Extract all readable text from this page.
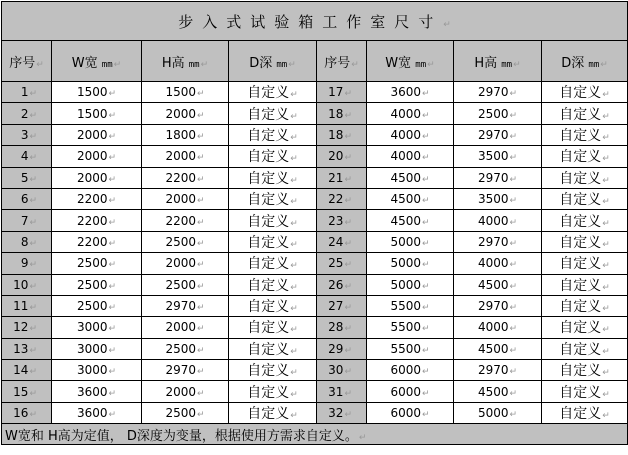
步入式试验箱工作室尺寸↵							
序号↵	W宽 mm↵	H高 mm↵	D深 mm↵	序号↵	W宽 mm↵	H高 mm↵	D深 mm↵
1↵	1500↵	1500↵	自定义↵	17↵	3600↵	2970↵	自定义↵
2↵	1500↵	2000↵	自定义↵	18↵	4000↵	2500↵	自定义↵
3↵	2000↵	1800↵	自定义↵	18↵	4000↵	2970↵	自定义↵
4↵	2000↵	2000↵	自定义↵	20↵	4000↵	3500↵	自定义↵
5↵	2000↵	2200↵	自定义↵	21↵	4500↵	2970↵	自定义↵
6↵	2200↵	2000↵	自定义↵	22↵	4500↵	3500↵	自定义↵
7↵	2200↵	2200↵	自定义↵	23↵	4500↵	4000↵	自定义↵
8↵	2200↵	2500↵	自定义↵	24↵	5000↵	2970↵	自定义↵
9↵	2500↵	2000↵	自定义↵	25↵	5000↵	4000↵	自定义↵
10↵	2500↵	2500↵	自定义↵	26↵	5000↵	4500↵	自定义↵
11↵	2500↵	2970↵	自定义↵	27↵	5500↵	2970↵	自定义↵
12↵	3000↵	2000↵	自定义↵	28↵	5500↵	4000↵	自定义↵
13↵	3000↵	2500↵	自定义↵	29↵	5500↵	4500↵	自定义↵
14↵	3000↵	2970↵	自定义↵	30↵	6000↵	2970↵	自定义↵
15↵	3600↵	2000↵	自定义↵	31↵	6000↵	4500↵	自定义↵
16↵	3600↵	2500↵	自定义↵	32↵	6000↵	5000↵	自定义↵
W宽和 H高为定值， D深度为变量，根据使用方需求自定义。↵							
